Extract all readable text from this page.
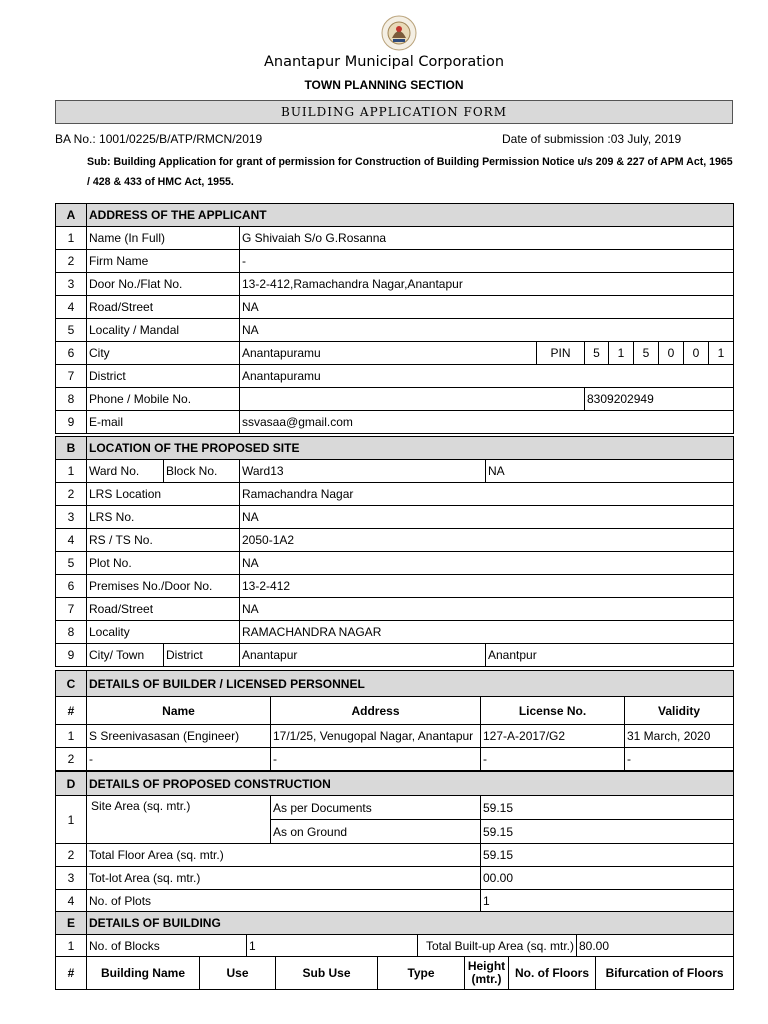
Anantapur Municipal Corporation
TOWN PLANNING SECTION
BUILDING APPLICATION FORM
BA No.: 1001/0225/B/ATP/RMCN/2019	Date of submission :03 July, 2019
Sub: Building Application for grant of permission for Construction of Building Permission Notice u/s 209 & 227 of APM Act, 1965 / 428 & 433 of HMC Act, 1955.
A	ADDRESS OF THE APPLICANT								
1	Name (In Full)	G Shivaiah S/o G.Rosanna							
2	Firm Name	-							
3	Door No./Flat No.	13-2-412,Ramachandra Nagar,Anantapur							
4	Road/Street	NA							
5	Locality / Mandal	NA							
6	City	Anantapuramu	PIN	5	1	5	0	0	1
7	District	Anantapuramu							
8	Phone / Mobile No.			8309202949					
9	E-mail	ssvasaa@gmail.com							
B	LOCATION OF THE PROPOSED SITE			
1	Ward No.	Block No.	Ward13	NA
2	LRS Location		Ramachandra Nagar	
3	LRS No.		NA	
4	RS / TS No.		2050-1A2	
5	Plot No.		NA	
6	Premises No./Door No.		13-2-412	
7	Road/Street		NA	
8	Locality		RAMACHANDRA NAGAR	
9	City/ Town	District	Anantapur	Anantpur
C	DETAILS OF BUILDER / LICENSED PERSONNEL			
#	Name	Address	License No.	Validity
1	S Sreenivasasan (Engineer)	17/1/25, Venugopal Nagar, Anantapur	127-A-2017/G2	31 March, 2020
2	-	-	-	-
D	DETAILS OF PROPOSED CONSTRUCTION		
1	Site Area (sq. mtr.)	As per Documents	59.15
		As on Ground	59.15
2	Total Floor Area (sq. mtr.)		59.15
3	Tot-lot Area (sq. mtr.)		00.00
4	No. of Plots		1
E	DETAILS OF BUILDING									
1	No. of Blocks		1			Total Built-up Area (sq. mtr.)			80.00	
#	Building Name	Use		Sub Use	Type		Height (mtr.)	No. of Floors		Bifurcation of Floors
